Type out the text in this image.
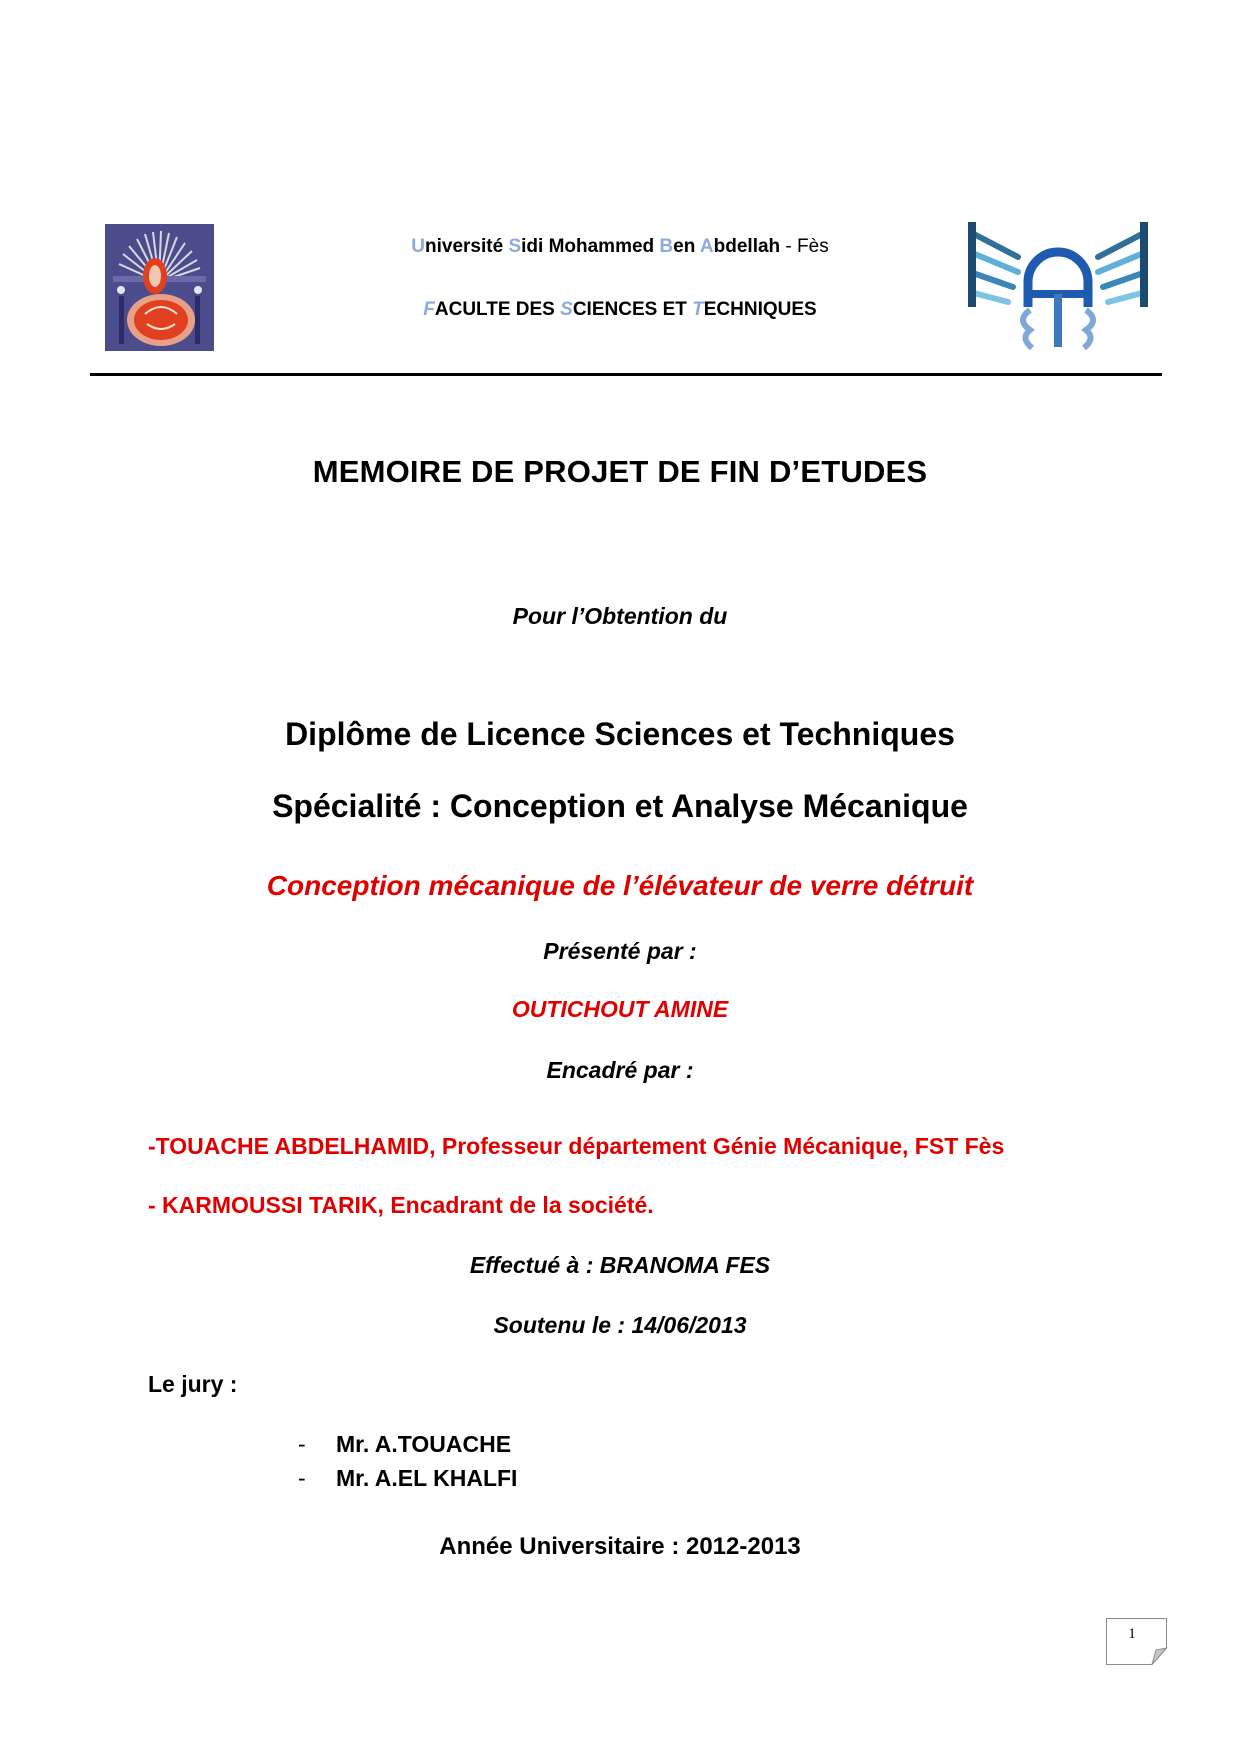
Université Sidi Mohammed Ben Abdellah - Fès
FACULTE DES SCIENCES ET TECHNIQUES
MEMOIRE DE PROJET DE FIN D’ETUDES
Pour l’Obtention du
Diplôme de Licence Sciences et Techniques
Spécialité : Conception et Analyse Mécanique
Conception mécanique de l’élévateur de verre détruit
Présenté par :
OUTICHOUT AMINE
Encadré par :
-TOUACHE ABDELHAMID, Professeur département Génie Mécanique, FST Fès
- KARMOUSSI TARIK, Encadrant de la société.
Effectué à : BRANOMA FES
Soutenu le : 14/06/2013
Le jury :
- Mr. A.TOUACHE
- Mr. A.EL KHALFI
Année Universitaire : 2012-2013
1
